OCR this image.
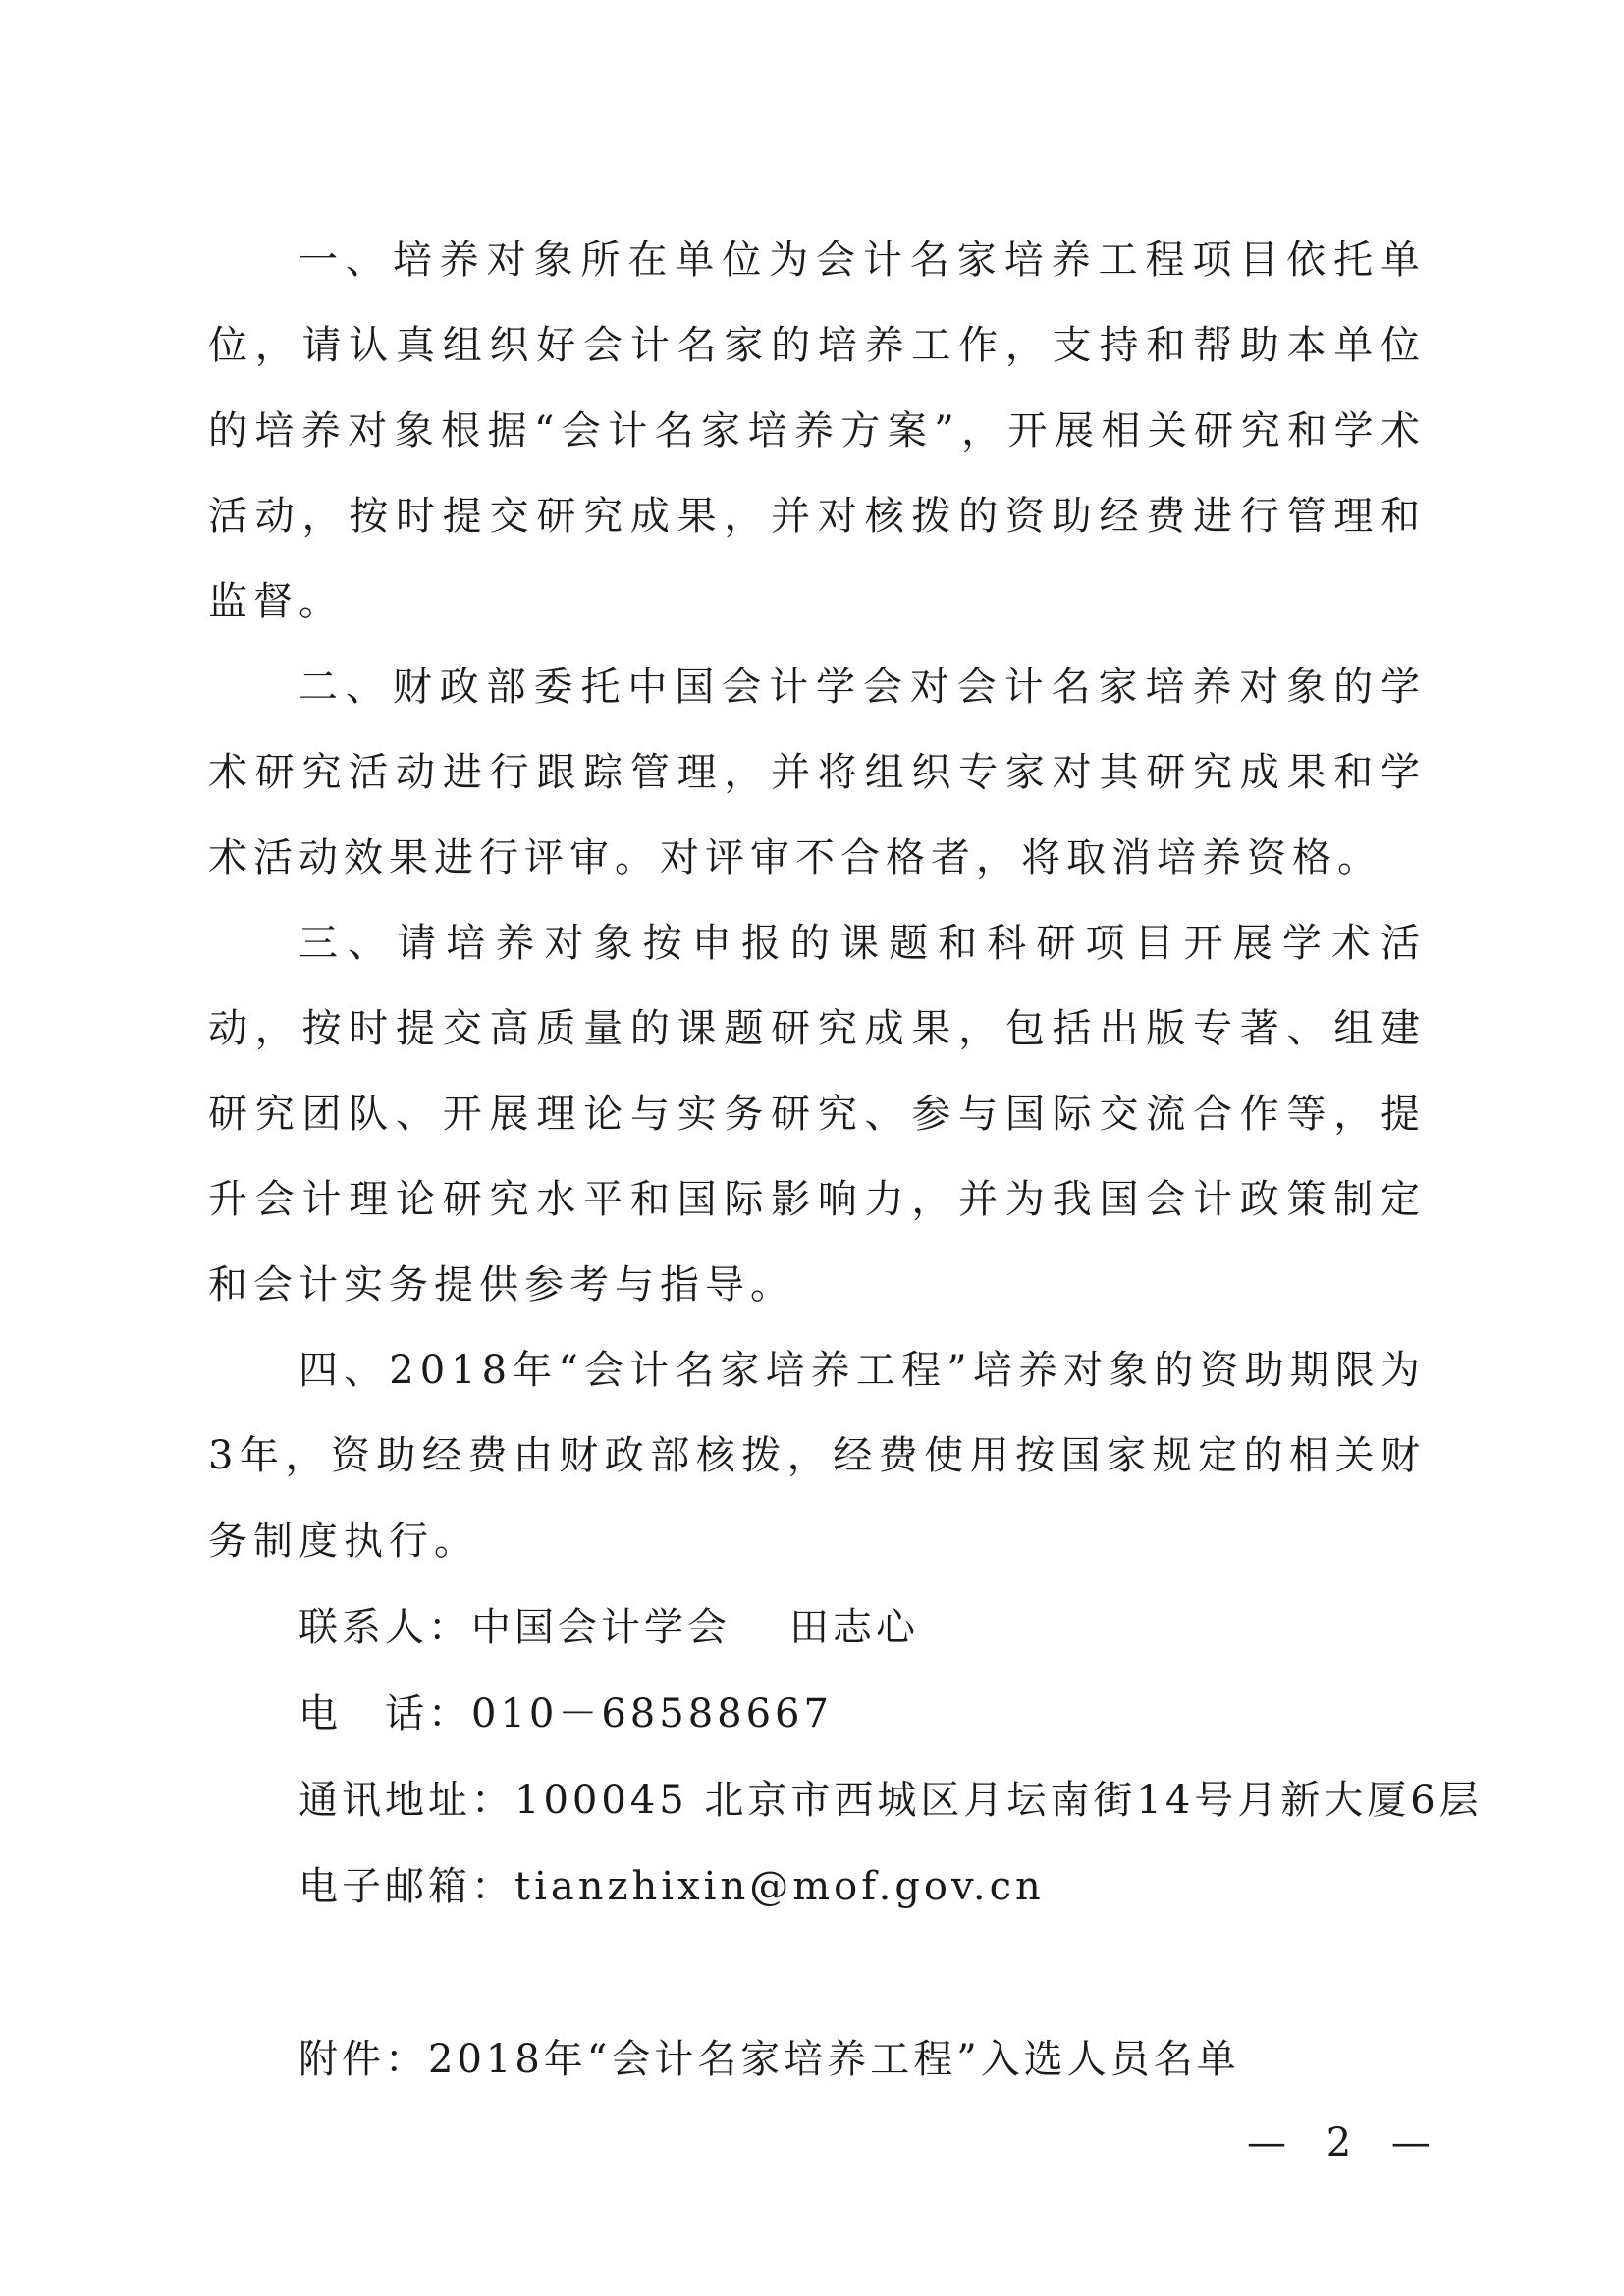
一、培养对象所在单位为会计名家培养工程项目依托单位，请认真组织好会计名家的培养工作，支持和帮助本单位的培养对象根据“会计名家培养方案”，开展相关研究和学术活动，按时提交研究成果，并对核拨的资助经费进行管理和监督。

二、财政部委托中国会计学会对会计名家培养对象的学术研究活动进行跟踪管理，并将组织专家对其研究成果和学术活动效果进行评审。对评审不合格者，将取消培养资格。

三、请培养对象按申报的课题和科研项目开展学术活动，按时提交高质量的课题研究成果，包括出版专著、组建研究团队、开展理论与实务研究、参与国际交流合作等，提升会计理论研究水平和国际影响力，并为我国会计政策制定和会计实务提供参考与指导。

四、2018年“会计名家培养工程”培养对象的资助期限为3年，资助经费由财政部核拨，经费使用按国家规定的相关财务制度执行。

联系人：中国会计学会 田志心

电　话：010－68588667

通讯地址：100045 北京市西城区月坛南街14号月新大厦6层

电子邮箱：tianzhixin@mof.gov.cn

附件：2018年“会计名家培养工程”入选人员名单

— 2 —
